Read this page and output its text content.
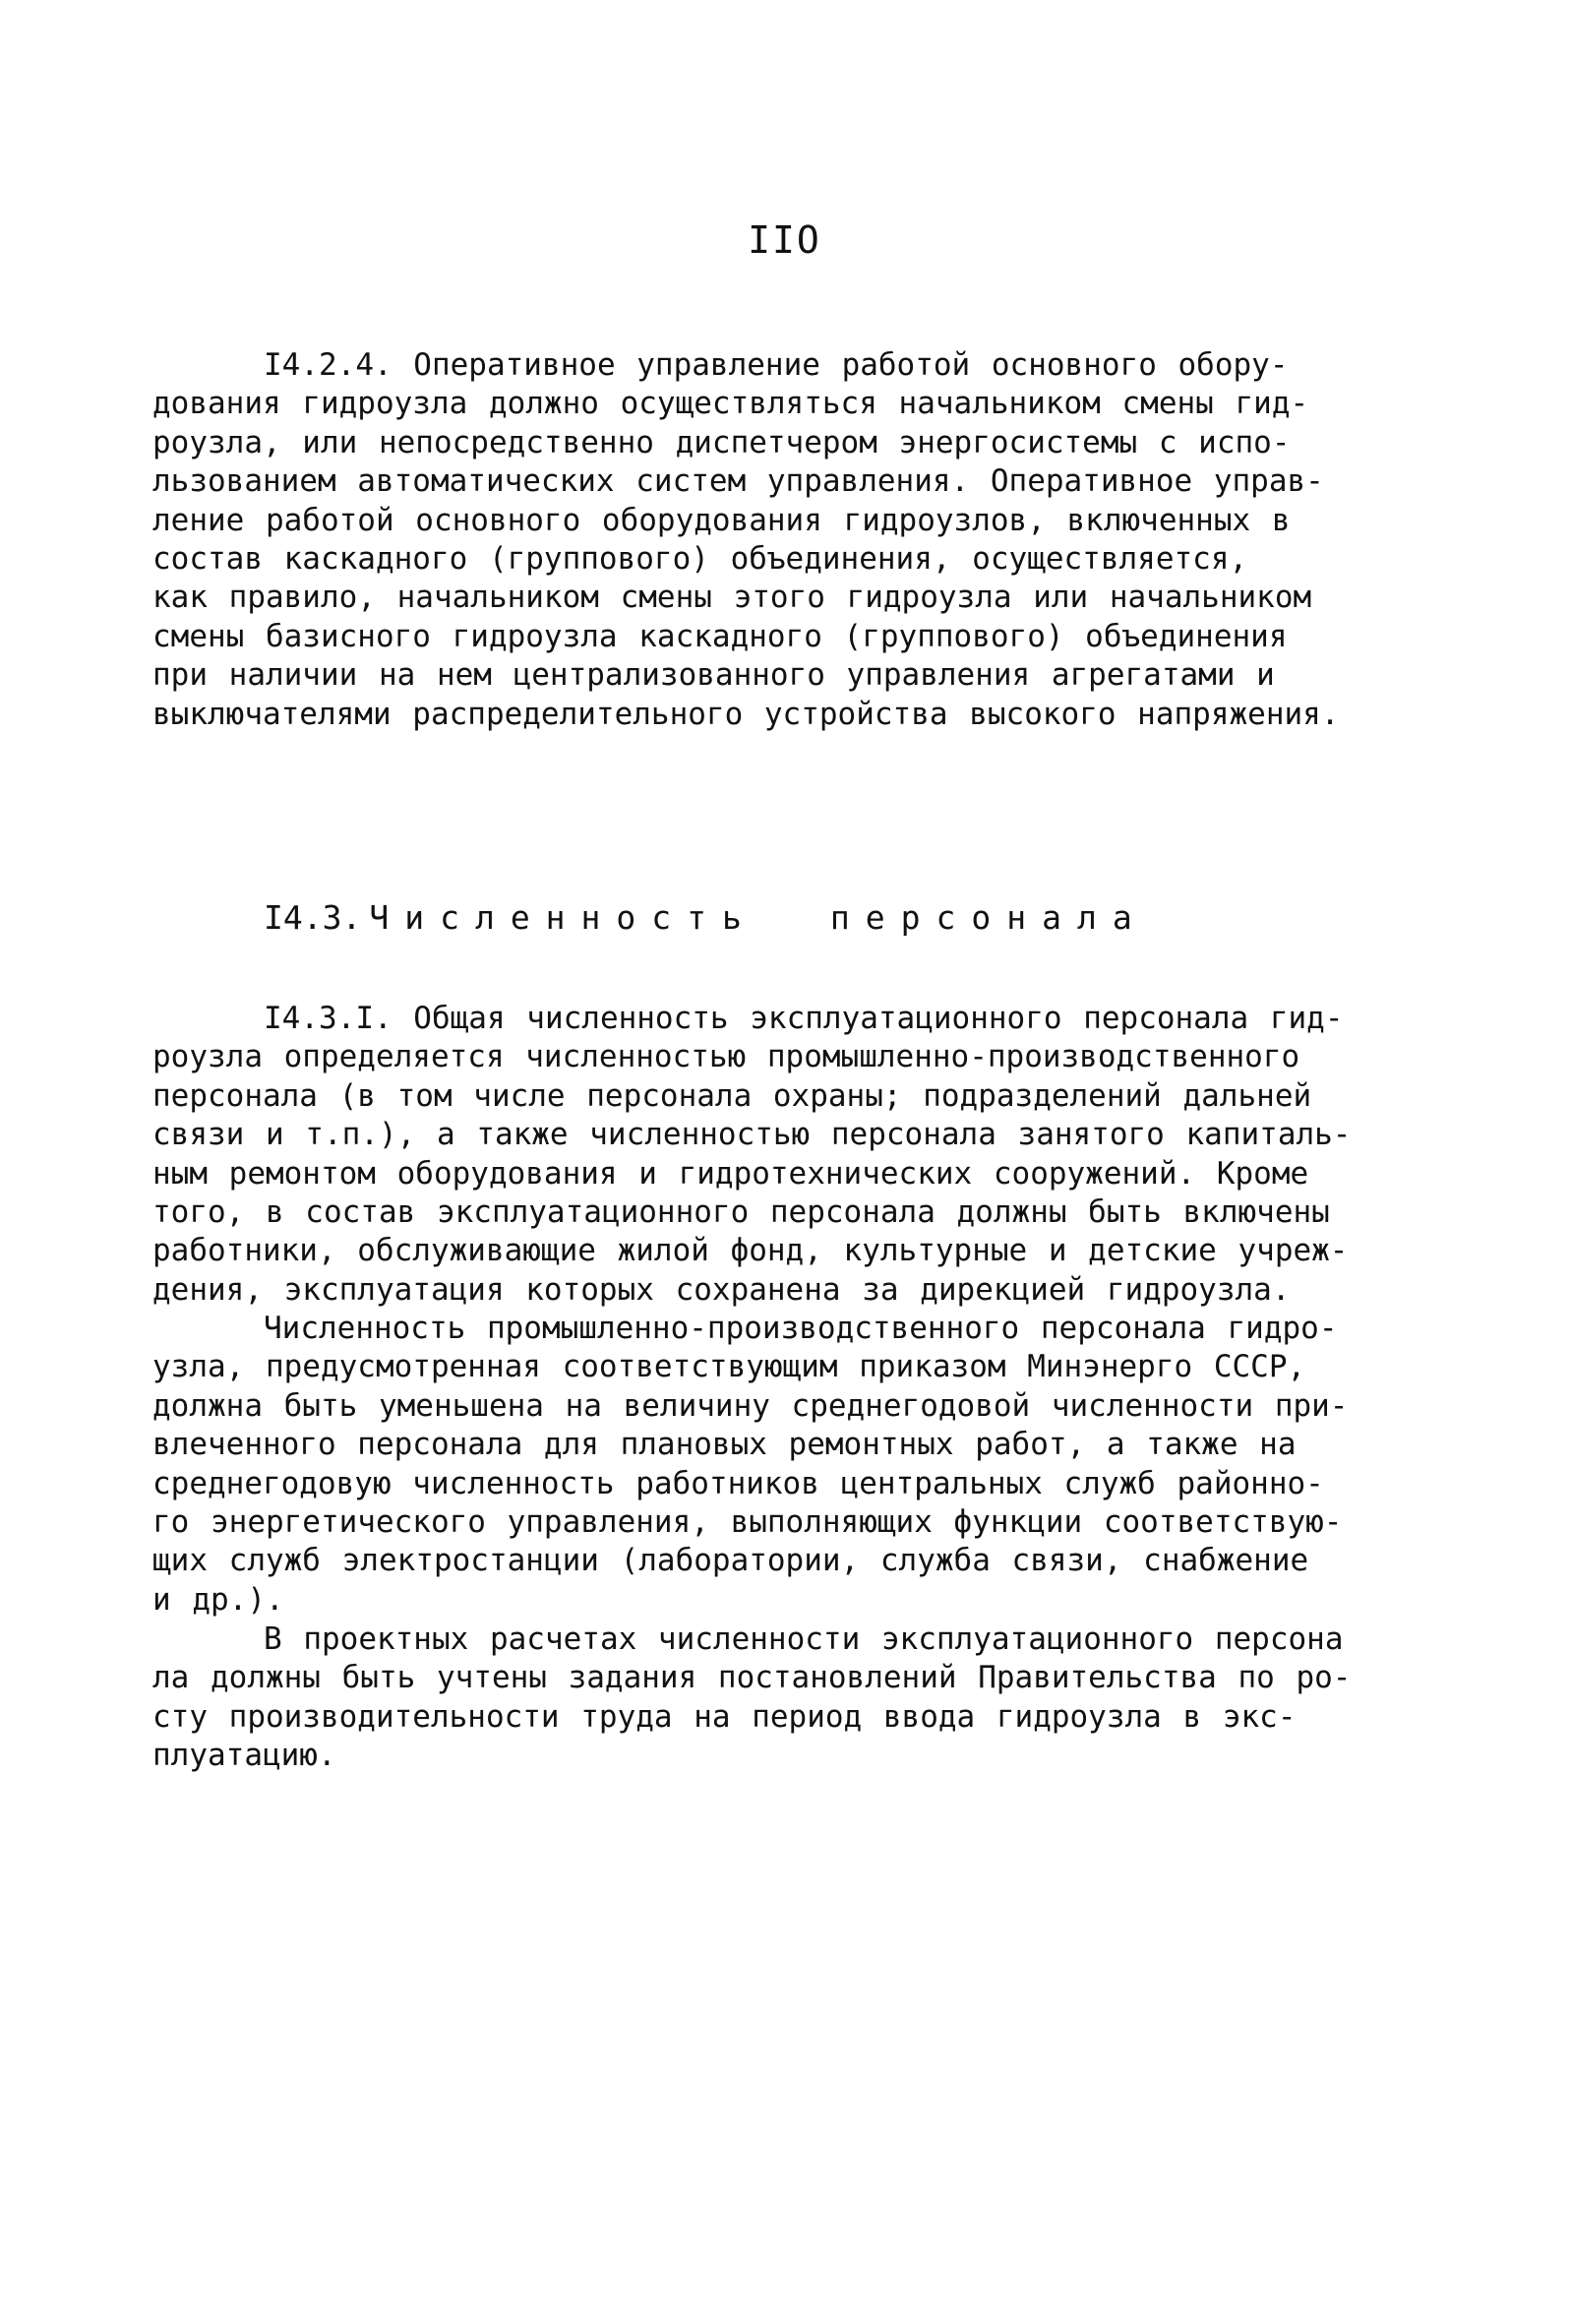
IIO
I4.2.4. Оперативное управление работой основного обору-
дования гидроузла должно осуществляться начальником смены гид-
роузла, или непосредственно диспетчером энергосистемы с испо-
льзованием автоматических систем управления. Оперативное управ-
ление работой основного оборудования гидроузлов, включенных в
состав каскадного (группового) объединения, осуществляется,
как правило, начальником смены этого гидроузла или начальником
смены базисного гидроузла каскадного (группового) объединения
при наличии на нем централизованного управления агрегатами и
выключателями распределительного устройства высокого напряжения.
I4.3. Численность персонала
I4.3.I. Общая численность эксплуатационного персонала гид-
роузла определяется численностью промышленно-производственного
персонала (в том числе персонала охраны; подразделений дальней
связи и т.п.), а также численностью персонала занятого капиталь-
ным ремонтом оборудования и гидротехнических сооружений. Кроме
того, в состав эксплуатационного персонала должны быть включены
работники, обслуживающие жилой фонд, культурные и детские учреж-
дения, эксплуатация которых сохранена за дирекцией гидроузла.
Численность промышленно-производственного персонала гидро-
узла, предусмотренная соответствующим приказом Минэнерго СССР,
должна быть уменьшена на величину среднегодовой численности при-
влеченного персонала для плановых ремонтных работ, а также на
среднегодовую численность работников центральных служб районно-
го энергетического управления, выполняющих функции соответствую-
щих служб электростанции (лаборатории, служба связи, снабжение
и др.).
В проектных расчетах численности эксплуатационного персона
ла должны быть учтены задания постановлений Правительства по ро-
сту производительности труда на период ввода гидроузла в экс-
плуатацию.
